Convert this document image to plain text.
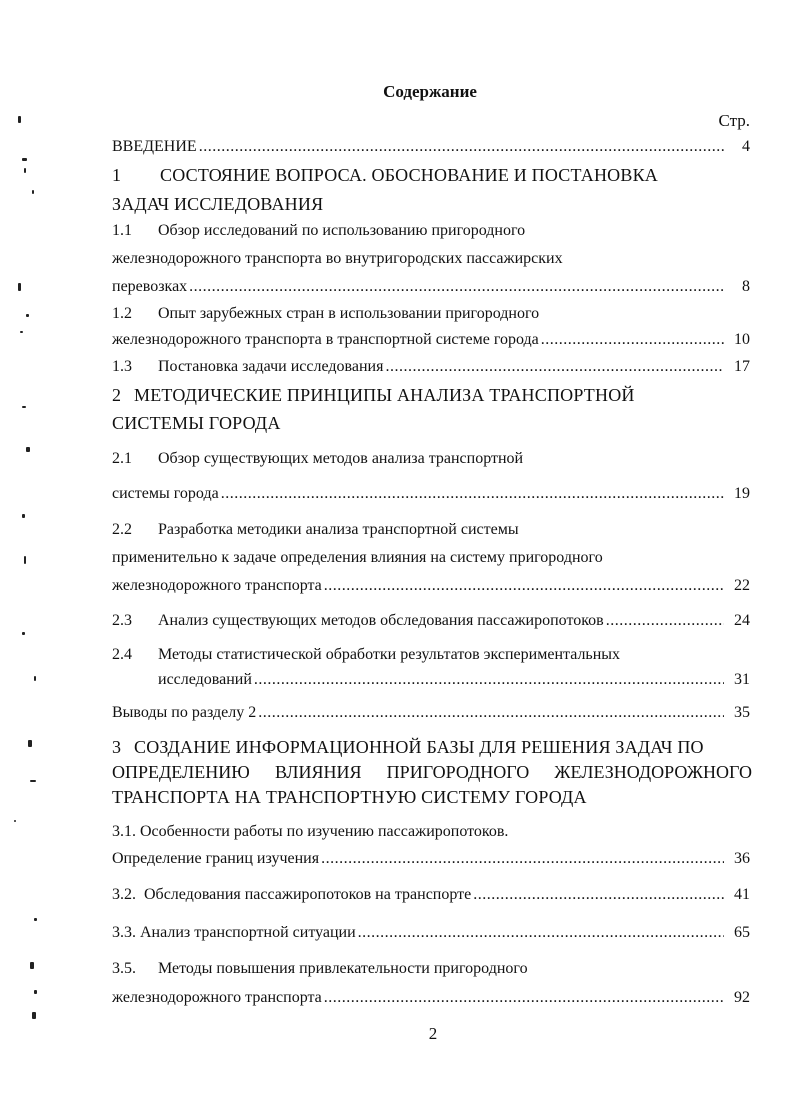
Содержание
Стр.
ВВЕДЕНИЕ .....	4
1 СОСТОЯНИЕ ВОПРОСА. ОБОСНОВАНИЕ И ПОСТАНОВКА
ЗАДАЧ ИССЛЕДОВАНИЯ
1.1	Обзор исследований по использованию пригородного
железнодорожного транспорта во внутригородских пассажирских
перевозках .....	8
1.2	Опыт зарубежных стран в использовании пригородного
железнодорожного транспорта в транспортной системе города .....	10
1.3	Постановка задачи исследования .....	17
2 МЕТОДИЧЕСКИЕ ПРИНЦИПЫ АНАЛИЗА ТРАНСПОРТНОЙ
СИСТЕМЫ ГОРОДА
2.1	Обзор существующих методов анализа транспортной
системы города .....	19
2.2	Разработка методики анализа транспортной системы
применительно к задаче определения влияния на систему пригородного
железнодорожного транспорта .....	22
2.3	Анализ существующих методов обследования пассажиропотоков .....	24
2.4	Методы статистической обработки результатов экспериментальных
исследований .....	31
Выводы по разделу 2 .....	35
3 СОЗДАНИЕ ИНФОРМАЦИОННОЙ БАЗЫ ДЛЯ РЕШЕНИЯ ЗАДАЧ ПО
ОПРЕДЕЛЕНИЮ ВЛИЯНИЯ ПРИГОРОДНОГО ЖЕЛЕЗНОДОРОЖНОГО
ТРАНСПОРТА НА ТРАНСПОРТНУЮ СИСТЕМУ ГОРОДА
3.1.
Особенности работы по изучению пассажиропотоков.
Определение границ изучения .....	36
3.2.
Обследования пассажиропотоков на транспорте .....	41
3.3.
Анализ транспортной ситуации .....	65
3.5.	Методы повышения привлекательности пригородного
железнодорожного транспорта .....	92
2
